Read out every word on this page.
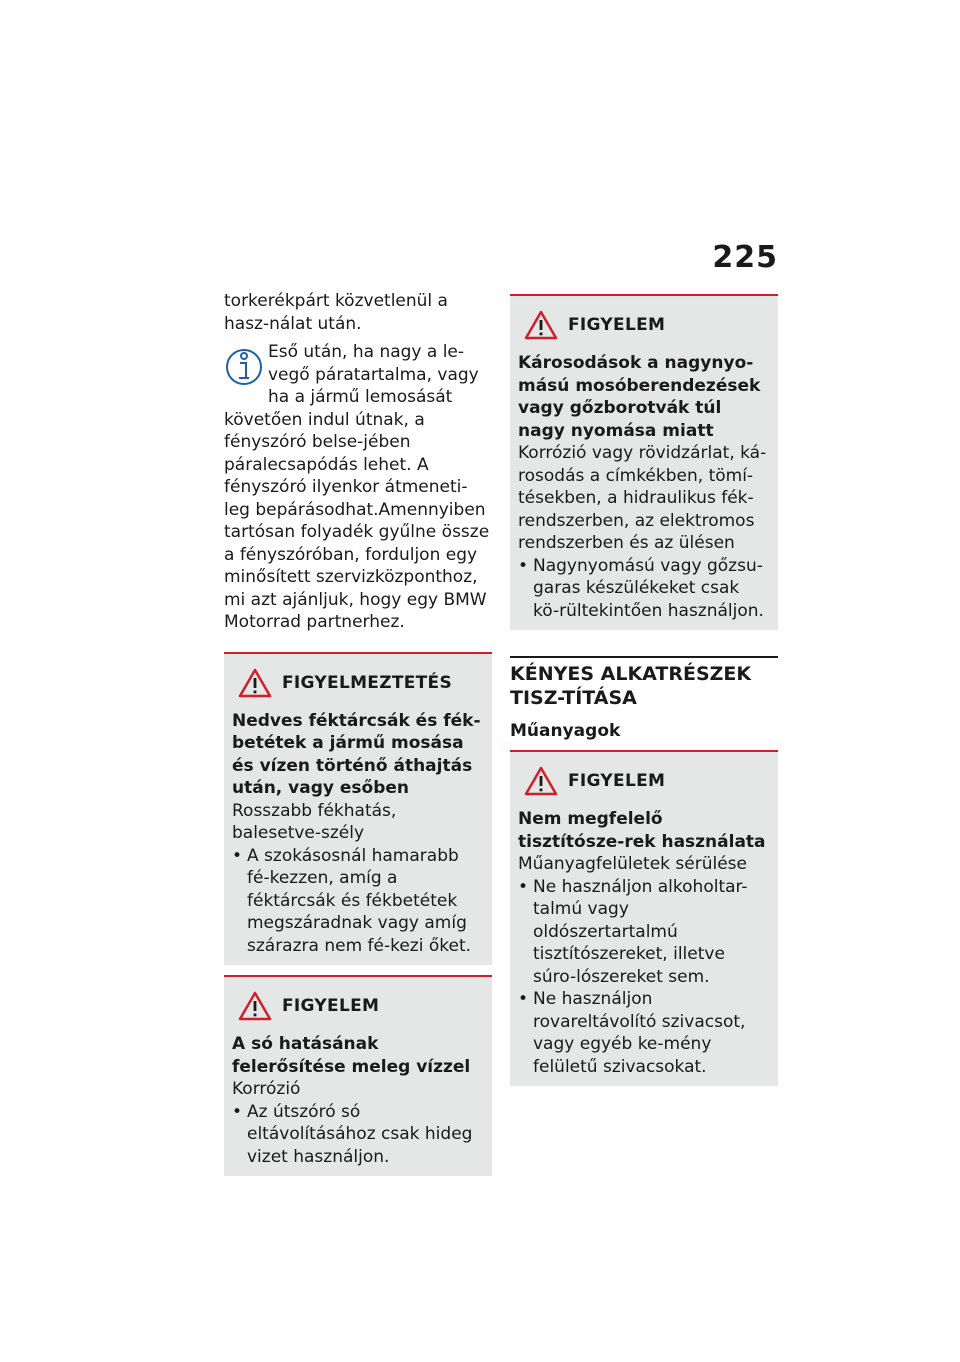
225

torkerékpárt közvetlenül a hasz-nálat után.

Eső után, ha nagy a le-vegő páratartalma, vagy ha a jármű lemosását követően indul útnak, a fényszóró belse-jében páralecsapódás lehet. A fényszóró ilyenkor átmeneti-leg bepárásodhat.Amennyiben tartósan folyadék gyűlne össze a fényszóróban, forduljon egy minősített szervizközponthoz, mi azt ajánljuk, hogy egy BMW Motorrad partnerhez.
FIGYELMEZTETÉS
Nedves féktárcsák és fék-betétek a jármű mosása és vízen történő áthajtás után, vagy esőben
Rosszabb fékhatás, balesetve-szély
• A szokásosnál hamarabb fé-kezzen, amíg a féktárcsák és fékbetétek megszáradnak vagy amíg szárazra nem fé-kezi őket.
FIGYELEM
A só hatásának felerősítése meleg vízzel
Korrózió
• Az útszóró só eltávolításához csak hideg vizet használjon.
FIGYELEM
Károsodások a nagynyo-mású mosóberendezések vagy gőzborotvák túl nagy nyomása miatt
Korrózió vagy rövidzárlat, ká-rosodás a címkékben, tömí-tésekben, a hidraulikus fék-rendszerben, az elektromos rendszerben és az ülésen
• Nagynyomású vagy gőzsu-garas készülékeket csak kö-rültekintően használjon.
KÉNYES ALKATRÉSZEK TISZ-TÍTÁSA
Műanyagok
FIGYELEM
Nem megfelelő tisztítósze-rek használata
Műanyagfelületek sérülése
• Ne használjon alkoholtar-talmú vagy oldószertartalmú tisztítószereket, illetve súro-lószereket sem.
• Ne használjon rovareltávolító szivacsot, vagy egyéb ke-mény felületű szivacsokat.
